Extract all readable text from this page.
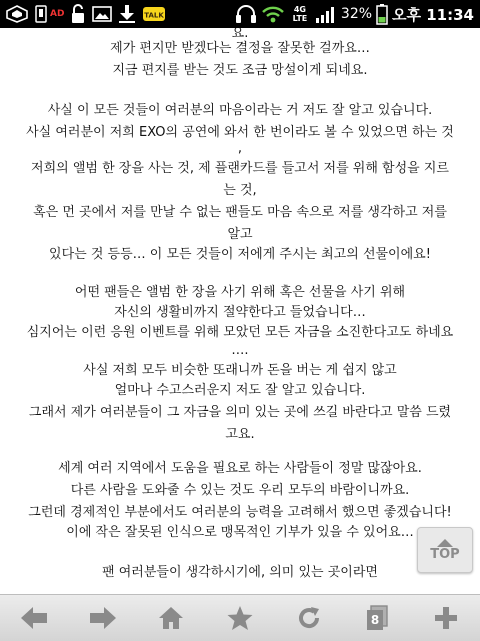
AD	TALK
4G LTE 32% 오후 11:34
요.
제가 편지만 받겠다는 결정을 잘못한 걸까요…
지금 편지를 받는 것도 조금 망설이게 되네요.
사실 이 모든 것들이 여러분의 마음이라는 거 저도 잘 알고 있습니다.
사실 여러분이 저희 EXO의 공연에 와서 한 번이라도 볼 수 있었으면 하는 것
,
저희의 앨범 한 장을 사는 것, 제 플랜카드를 들고서 저를 위해 함성을 지르
는 것,
혹은 먼 곳에서 저를 만날 수 없는 팬들도 마음 속으로 저를 생각하고 저를
알고
있다는 것 등등… 이 모든 것들이 저에게 주시는 최고의 선물이에요!
어떤 팬들은 앨범 한 장을 사기 위해 혹은 선물을 사기 위해
자신의 생활비까지 절약한다고 들었습니다…
심지어는 이런 응원 이벤트를 위해 모았던 모든 자금을 소진한다고도 하네요
….
사실 저희 모두 비슷한 또래니까 돈을 버는 게 쉽지 않고
얼마나 수고스러운지 저도 잘 알고 있습니다.
그래서 제가 여러분들이 그 자금을 의미 있는 곳에 쓰길 바란다고 말씀 드렸
고요.
세계 여러 지역에서 도움을 필요로 하는 사람들이 정말 많잖아요.
다른 사람을 도와줄 수 있는 것도 우리 모두의 바람이니까요.
그런데 경제적인 부분에서도 여러분의 능력을 고려해서 했으면 좋겠습니다!
이에 작은 잘못된 인식으로 맹목적인 기부가 있을 수 있어요…
팬 여러분들이 생각하시기에, 의미 있는 곳이라면
TOP
8
